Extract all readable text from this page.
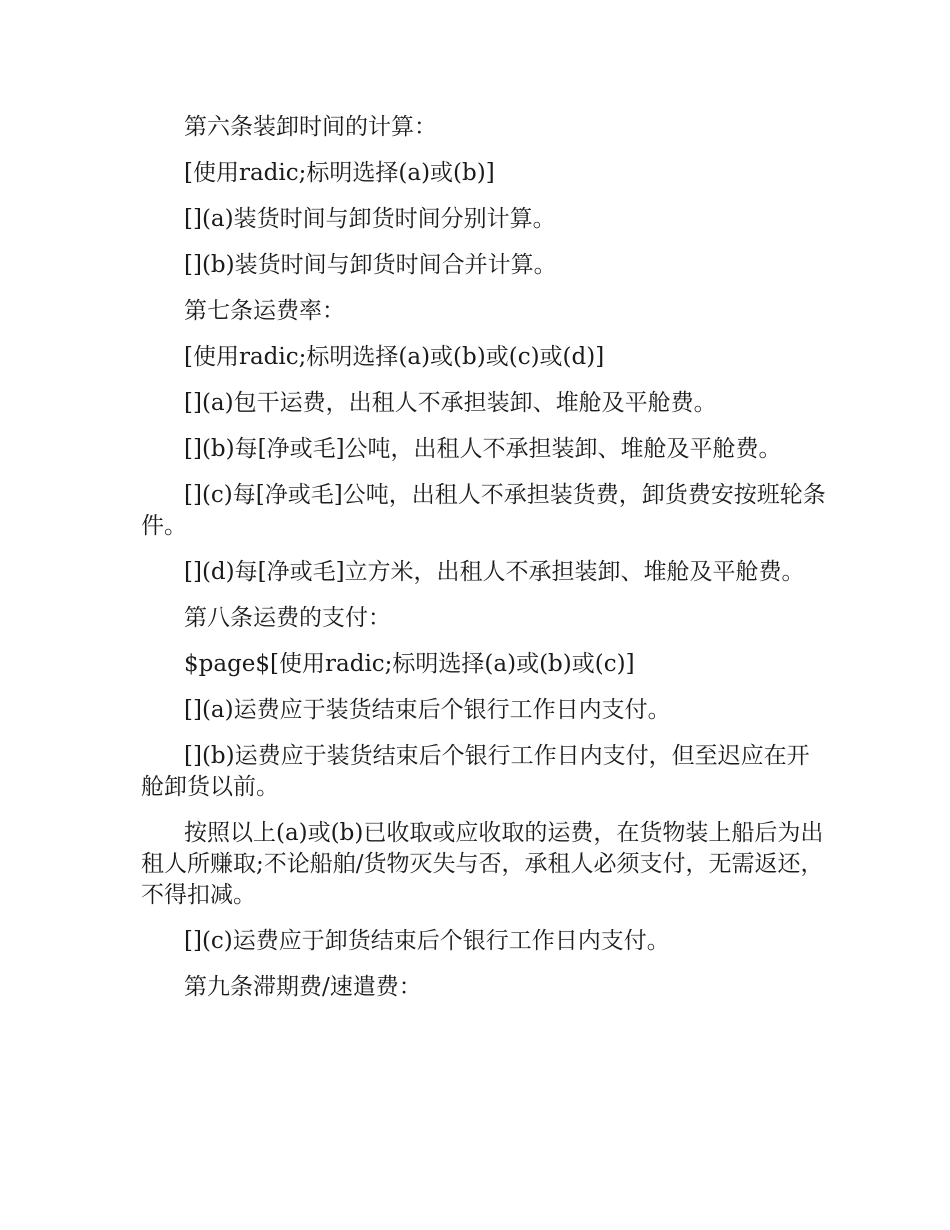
第六条装卸时间的计算：

[使用radic;标明选择(a)或(b)]

[](a)装货时间与卸货时间分别计算。

[](b)装货时间与卸货时间合并计算。

第七条运费率：

[使用radic;标明选择(a)或(b)或(c)或(d)]

[](a)包干运费，出租人不承担装卸、堆舱及平舱费。

[](b)每[净或毛]公吨，出租人不承担装卸、堆舱及平舱费。

[](c)每[净或毛]公吨，出租人不承担装货费，卸货费安按班轮条件。

[](d)每[净或毛]立方米，出租人不承担装卸、堆舱及平舱费。

第八条运费的支付：

$page$[使用radic;标明选择(a)或(b)或(c)]

[](a)运费应于装货结束后个银行工作日内支付。

[](b)运费应于装货结束后个银行工作日内支付，但至迟应在开舱卸货以前。

按照以上(a)或(b)已收取或应收取的运费，在货物装上船后为出租人所赚取;不论船舶/货物灭失与否，承租人必须支付，无需返还，不得扣减。

[](c)运费应于卸货结束后个银行工作日内支付。

第九条滞期费/速遣费：
